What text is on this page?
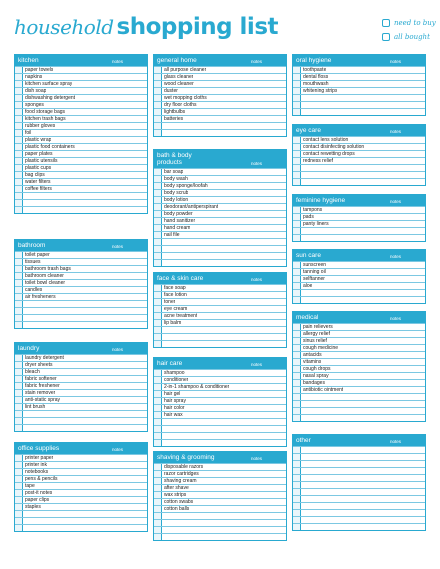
household shopping list	need to buy
all bought
kitchen	notes
paper towels
napkins
kitchen surface spray
dish soap
dishwashing detergent
sponges
food storage bags
kitchen trash bags
rubber gloves
foil
plastic wrap
plastic food containers
paper plates
plastic utensils
plastic cups
bag clips
water filters
coffee filters
bathroom	notes
toilet paper
tissues
bathroom trash bags
bathroom cleaner
toilet bowl cleaner
candles
air fresheners
laundry	notes
laundry detergent
dryer sheets
bleach
fabric softener
fabric freshener
stain remover
anti-static spray
lint brush
office supplies	notes
printer paper
printer ink
notebooks
pens & pencils
tape
post-it notes
paper clips
staples
general home	notes
all purpose cleaner
glass cleaner
wood cleaner
duster
wet mopping cloths
dry floor cloths
lightbulbs
batteries
bath & body
products	notes
bar soap
body wash
body sponge/loofah
body scrub
body lotion
deodorant/antiperspirant
body powder
hand sanitizer
hand cream
nail file
face & skin care	notes
face soap
face lotion
toner
eye cream
acne treatment
lip balm
hair care	notes
shampoo
conditioner
2-in-1 shampoo & conditioner
hair gel
hair spray
hair color
hair wax
shaving & grooming	notes
disposable razors
razor cartridges
shaving cream
after shave
wax strips
cotton swabs
cotton balls
oral hygiene	notes
toothpaste
dental floss
mouthwash
whitening strips
eye care	notes
contact lens solution
contact disinfecting solution
contact rewetting drops
redness relief
feminine hygiene	notes
tampons
pads
panty liners
sun care	notes
sunscreen
tanning oil
selftanner
aloe
medical	notes
pain relievers
allergy relief
sinus relief
cough medicine
antacids
vitamins
cough drops
nasal spray
bandages
antibiotic ointment
other	notes
